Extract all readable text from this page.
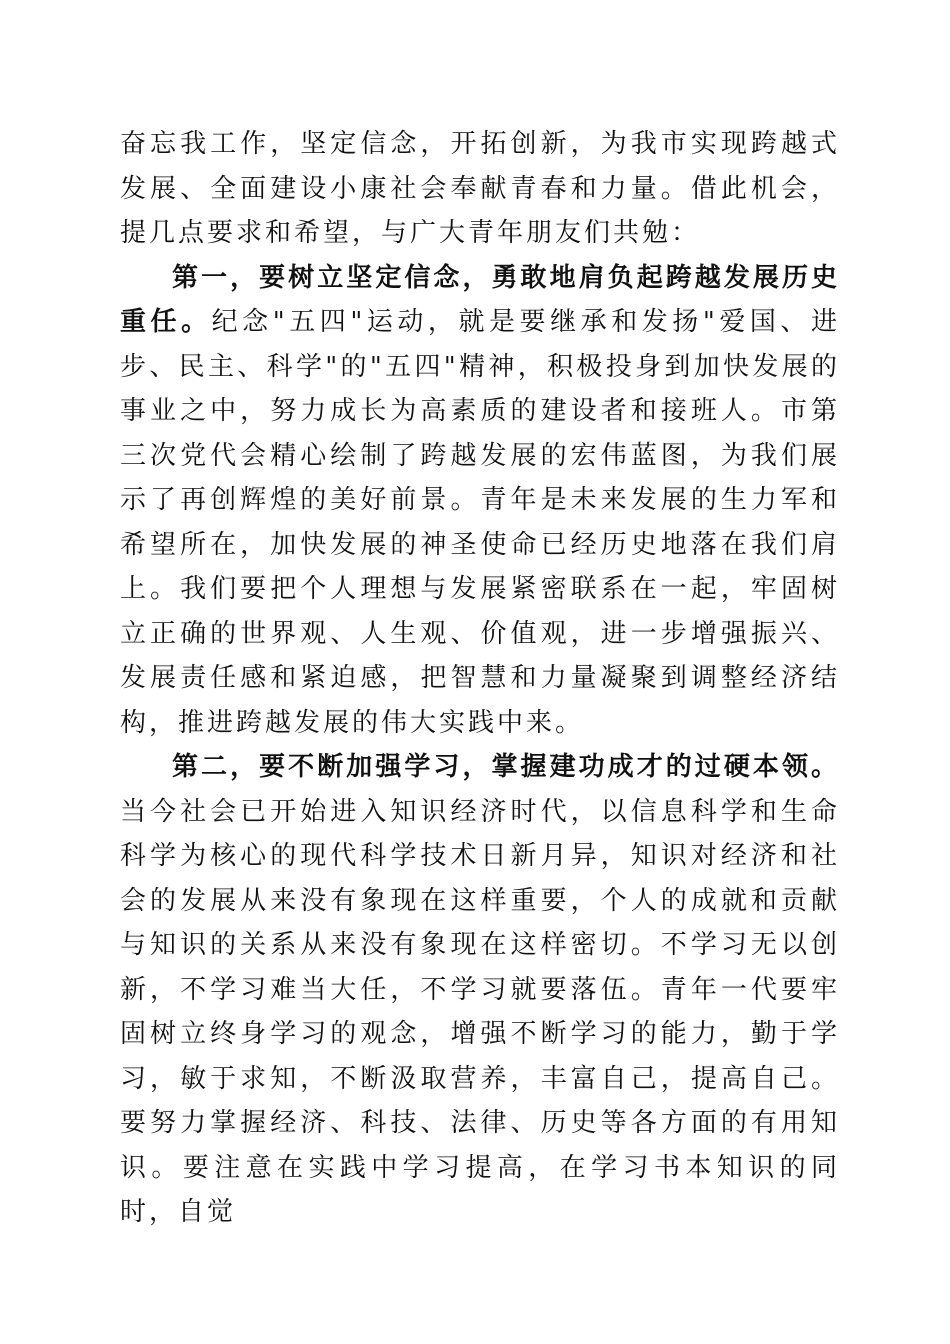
奋忘我工作，坚定信念，开拓创新，为我市实现跨越式发展、全面建设小康社会奉献青春和力量。借此机会，提几点要求和希望，与广大青年朋友们共勉：

第一，要树立坚定信念，勇敢地肩负起跨越发展历史重任。纪念"五四"运动，就是要继承和发扬"爱国、进步、民主、科学"的"五四"精神，积极投身到加快发展的事业之中，努力成长为高素质的建设者和接班人。市第三次党代会精心绘制了跨越发展的宏伟蓝图，为我们展示了再创辉煌的美好前景。青年是未来发展的生力军和希望所在，加快发展的神圣使命已经历史地落在我们肩上。我们要把个人理想与发展紧密联系在一起，牢固树立正确的世界观、人生观、价值观，进一步增强振兴、发展责任感和紧迫感，把智慧和力量凝聚到调整经济结构，推进跨越发展的伟大实践中来。

第二，要不断加强学习，掌握建功成才的过硬本领。当今社会已开始进入知识经济时代，以信息科学和生命科学为核心的现代科学技术日新月异，知识对经济和社会的发展从来没有象现在这样重要，个人的成就和贡献与知识的关系从来没有象现在这样密切。不学习无以创新，不学习难当大任，不学习就要落伍。青年一代要牢固树立终身学习的观念，增强不断学习的能力，勤于学习，敏于求知，不断汲取营养，丰富自己，提高自己。要努力掌握经济、科技、法律、历史等各方面的有用知识。要注意在实践中学习提高，在学习书本知识的同时，自觉
